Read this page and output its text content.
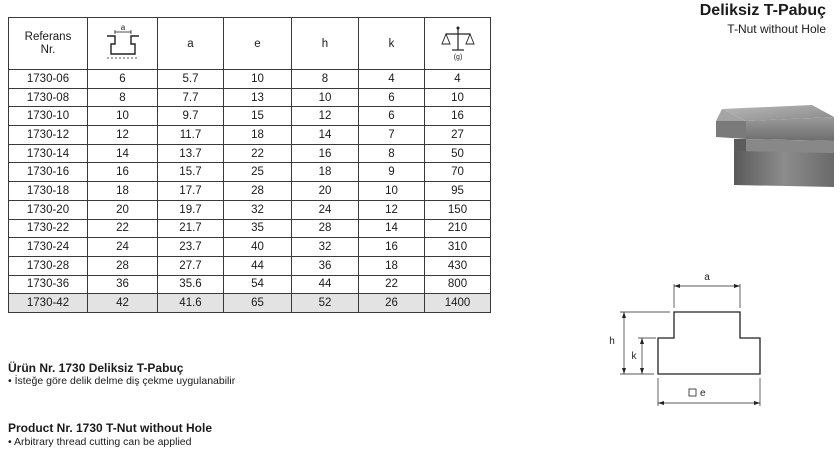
Deliksiz T-Pabuç
T-Nut without Hole
Referans
Nr.	a	a	e	h	k	(g)

1730-06	6	5.7	10	8	4	4
1730-08	8	7.7	13	10	6	10
1730-10	10	9.7	15	12	6	16
1730-12	12	11.7	18	14	7	27
1730-14	14	13.7	22	16	8	50
1730-16	16	15.7	25	18	9	70
1730-18	18	17.7	28	20	10	95
1730-20	20	19.7	32	24	12	150
1730-22	22	21.7	35	28	14	210
1730-24	24	23.7	40	32	16	310
1730-28	28	27.7	44	36	18	430
1730-36	36	35.6	54	44	22	800
1730-42	42	41.6	65	52	26	1400
Ürün Nr. 1730 Deliksiz T-Pabuç
• İsteğe göre delik delme diş çekme uygulanabilir
Product Nr. 1730 T-Nut without Hole
• Arbitrary thread cutting can be applied
a
h
k
e
